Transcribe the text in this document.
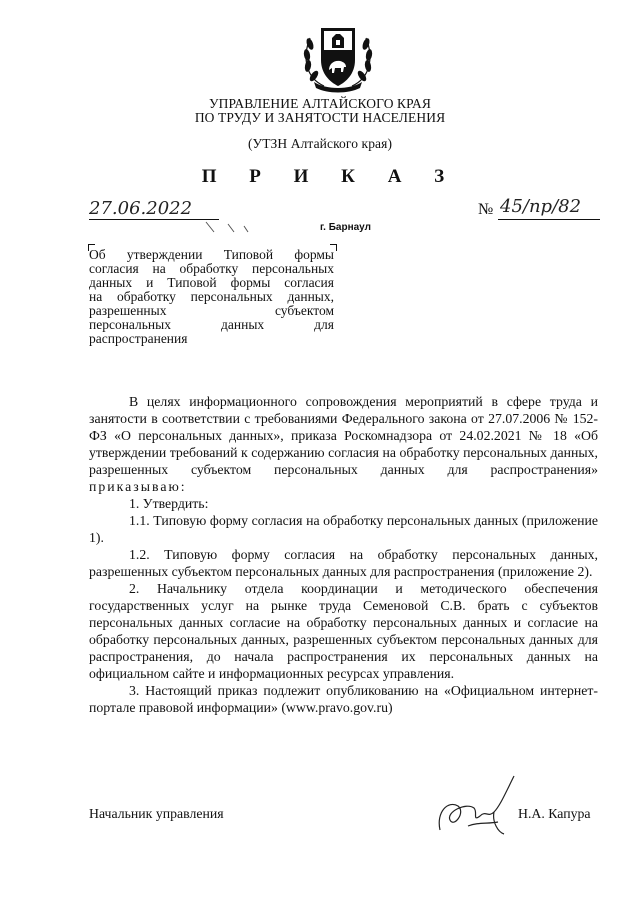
УПРАВЛЕНИЕ АЛТАЙСКОГО КРАЯ
ПО ТРУДУ И ЗАНЯТОСТИ НАСЕЛЕНИЯ
(УТЗН Алтайского края)
П Р И К А З
27.06.2022
г. Барнаул
№ 45/пр/82

Об утверждении Типовой формы

согласия на обработку персональных

данных и Типовой формы согласия

на обработку персональных данных,

разрешенных субъектом

персональных данных для

распространения

В целях информационного сопровождения мероприятий в сфере труда и занятости в соответствии с требованиями Федерального закона от 27.07.2006 № 152-ФЗ «О персональных данных», приказа Роскомнадзора от 24.02.2021 № 18 «Об утверждении требований к содержанию согласия на обработку персональных данных, разрешенных субъектом персональных данных для распространения» приказываю:

1. Утвердить:

1.1. Типовую форму согласия на обработку персональных данных (приложение 1).

1.2. Типовую форму согласия на обработку персональных данных, разрешенных субъектом персональных данных для распространения (приложение 2).

2. Начальнику отдела координации и методического обеспечения государственных услуг на рынке труда Семеновой С.В. брать с субъектов персональных данных согласие на обработку персональных данных и согласие на обработку персональных данных, разрешенных субъектом персональных данных для распространения, до начала распространения их персональных данных на официальном сайте и информационных ресурсах управления.

3. Настоящий приказ подлежит опубликованию на «Официальном интернет-портале правовой информации» (www.pravo.gov.ru)

Начальник управления	Н.А. Капура
